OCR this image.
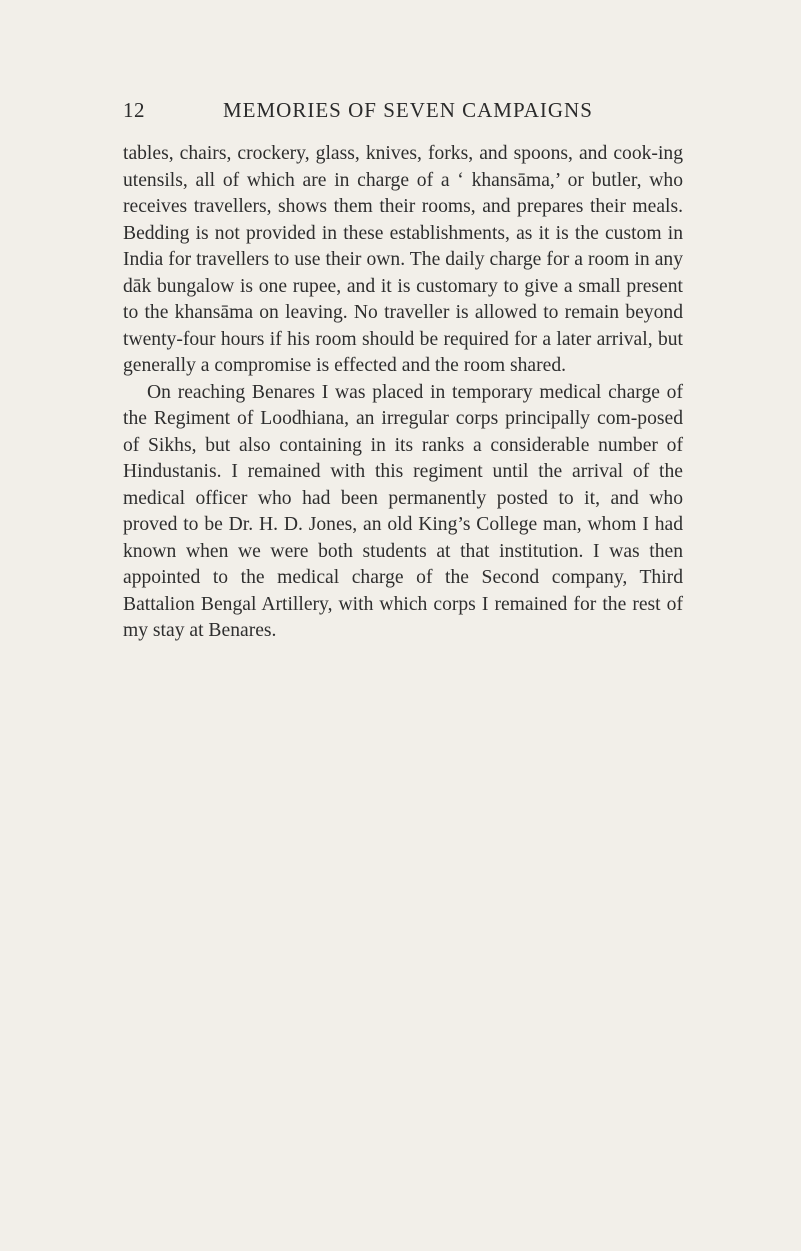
12	MEMORIES OF SEVEN CAMPAIGNS

tables, chairs, crockery, glass, knives, forks, and spoons, and cook-ing utensils, all of which are in charge of a ‘ khansāma,’ or butler, who receives travellers, shows them their rooms, and prepares their meals. Bedding is not provided in these establishments, as it is the custom in India for travellers to use their own. The daily charge for a room in any dāk bungalow is one rupee, and it is customary to give a small present to the khansāma on leaving. No traveller is allowed to remain beyond twenty-four hours if his room should be required for a later arrival, but generally a compromise is effected and the room shared.

On reaching Benares I was placed in temporary medical charge of the Regiment of Loodhiana, an irregular corps principally com-posed of Sikhs, but also containing in its ranks a considerable number of Hindustanis. I remained with this regiment until the arrival of the medical officer who had been permanently posted to it, and who proved to be Dr. H. D. Jones, an old King’s College man, whom I had known when we were both students at that institution. I was then appointed to the medical charge of the Second company, Third Battalion Bengal Artillery, with which corps I remained for the rest of my stay at Benares.
